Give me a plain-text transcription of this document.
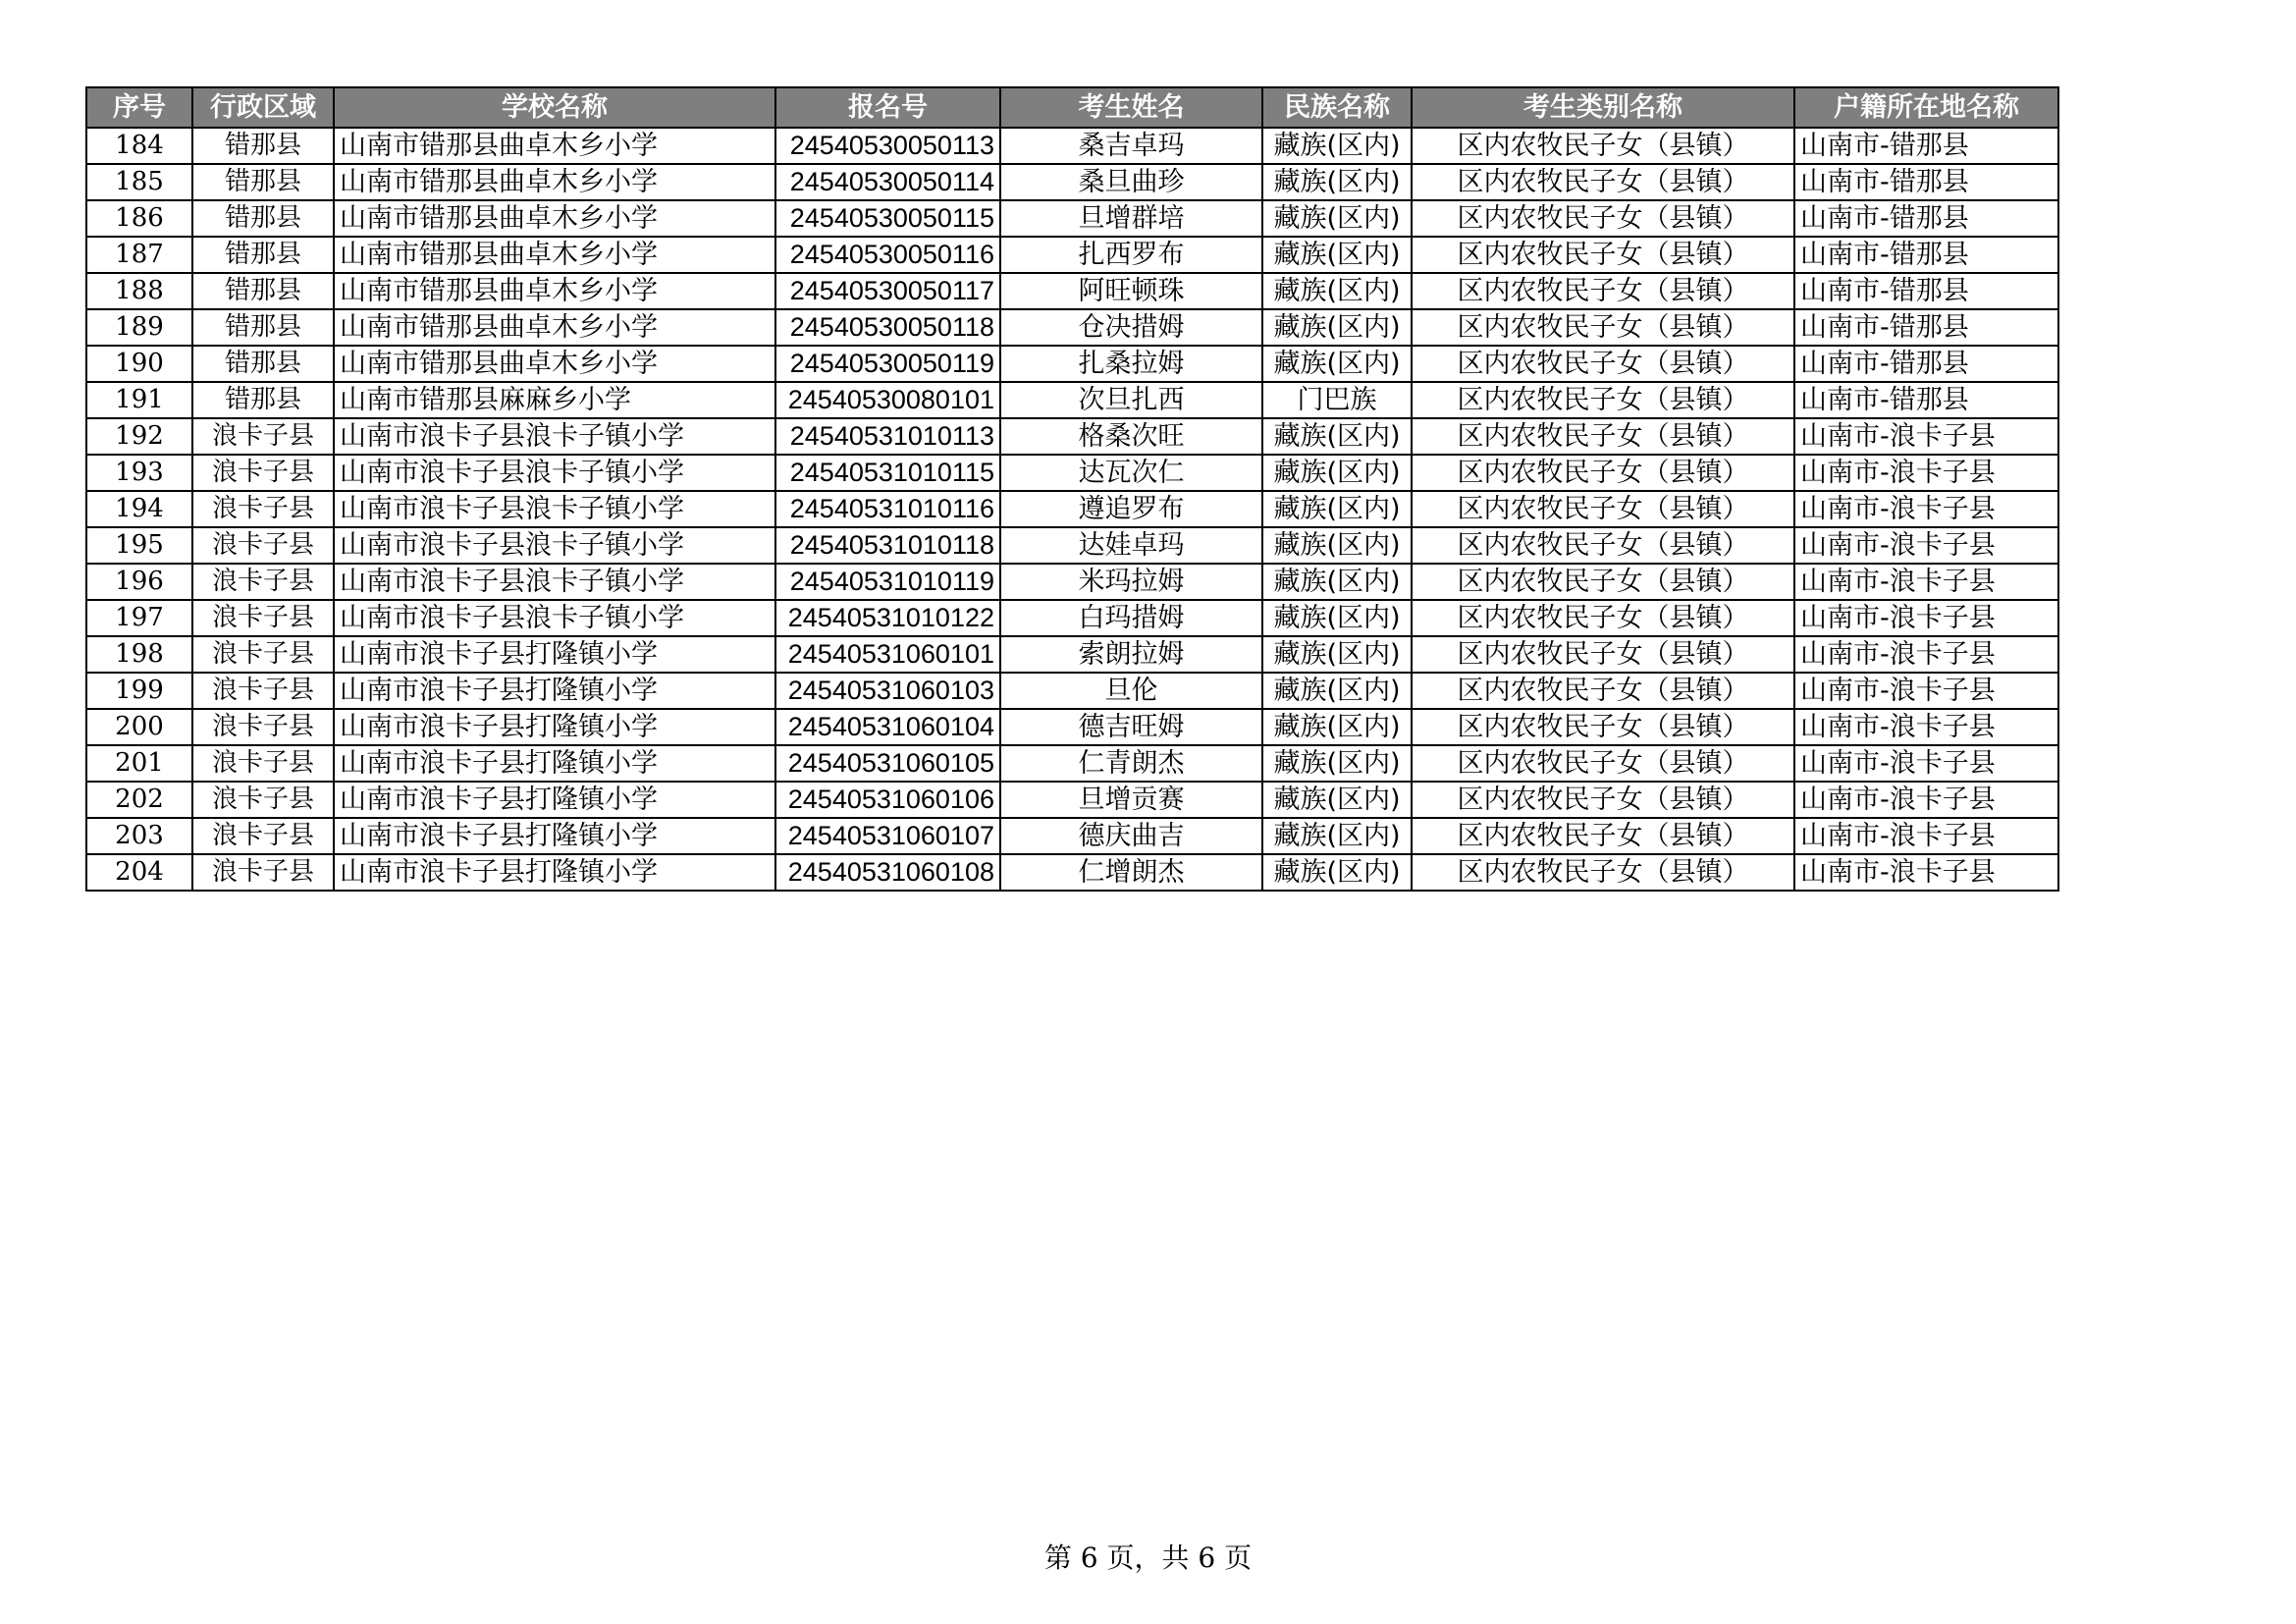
序号	行政区域	学校名称	报名号	考生姓名	民族名称	考生类别名称	户籍所在地名称
184	错那县	山南市错那县曲卓木乡小学	24540530050113	桑吉卓玛	藏族(区内)	区内农牧民子女（县镇）	山南市-错那县
185	错那县	山南市错那县曲卓木乡小学	24540530050114	桑旦曲珍	藏族(区内)	区内农牧民子女（县镇）	山南市-错那县
186	错那县	山南市错那县曲卓木乡小学	24540530050115	旦增群培	藏族(区内)	区内农牧民子女（县镇）	山南市-错那县
187	错那县	山南市错那县曲卓木乡小学	24540530050116	扎西罗布	藏族(区内)	区内农牧民子女（县镇）	山南市-错那县
188	错那县	山南市错那县曲卓木乡小学	24540530050117	阿旺顿珠	藏族(区内)	区内农牧民子女（县镇）	山南市-错那县
189	错那县	山南市错那县曲卓木乡小学	24540530050118	仓决措姆	藏族(区内)	区内农牧民子女（县镇）	山南市-错那县
190	错那县	山南市错那县曲卓木乡小学	24540530050119	扎桑拉姆	藏族(区内)	区内农牧民子女（县镇）	山南市-错那县
191	错那县	山南市错那县麻麻乡小学	24540530080101	次旦扎西	门巴族	区内农牧民子女（县镇）	山南市-错那县
192	浪卡子县	山南市浪卡子县浪卡子镇小学	24540531010113	格桑次旺	藏族(区内)	区内农牧民子女（县镇）	山南市-浪卡子县
193	浪卡子县	山南市浪卡子县浪卡子镇小学	24540531010115	达瓦次仁	藏族(区内)	区内农牧民子女（县镇）	山南市-浪卡子县
194	浪卡子县	山南市浪卡子县浪卡子镇小学	24540531010116	遵追罗布	藏族(区内)	区内农牧民子女（县镇）	山南市-浪卡子县
195	浪卡子县	山南市浪卡子县浪卡子镇小学	24540531010118	达娃卓玛	藏族(区内)	区内农牧民子女（县镇）	山南市-浪卡子县
196	浪卡子县	山南市浪卡子县浪卡子镇小学	24540531010119	米玛拉姆	藏族(区内)	区内农牧民子女（县镇）	山南市-浪卡子县
197	浪卡子县	山南市浪卡子县浪卡子镇小学	24540531010122	白玛措姆	藏族(区内)	区内农牧民子女（县镇）	山南市-浪卡子县
198	浪卡子县	山南市浪卡子县打隆镇小学	24540531060101	索朗拉姆	藏族(区内)	区内农牧民子女（县镇）	山南市-浪卡子县
199	浪卡子县	山南市浪卡子县打隆镇小学	24540531060103	旦伦	藏族(区内)	区内农牧民子女（县镇）	山南市-浪卡子县
200	浪卡子县	山南市浪卡子县打隆镇小学	24540531060104	德吉旺姆	藏族(区内)	区内农牧民子女（县镇）	山南市-浪卡子县
201	浪卡子县	山南市浪卡子县打隆镇小学	24540531060105	仁青朗杰	藏族(区内)	区内农牧民子女（县镇）	山南市-浪卡子县
202	浪卡子县	山南市浪卡子县打隆镇小学	24540531060106	旦增贡赛	藏族(区内)	区内农牧民子女（县镇）	山南市-浪卡子县
203	浪卡子县	山南市浪卡子县打隆镇小学	24540531060107	德庆曲吉	藏族(区内)	区内农牧民子女（县镇）	山南市-浪卡子县
204	浪卡子县	山南市浪卡子县打隆镇小学	24540531060108	仁增朗杰	藏族(区内)	区内农牧民子女（县镇）	山南市-浪卡子县
第 6 页，共 6 页
